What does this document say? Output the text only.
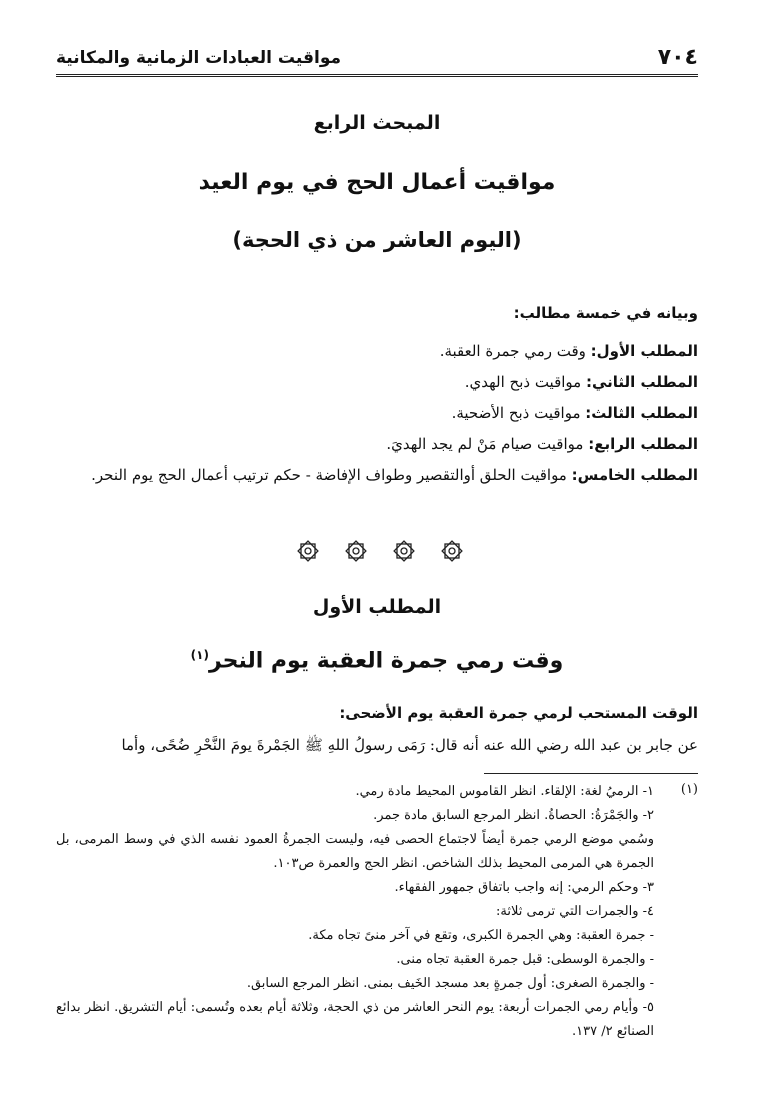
٧٠٤
مواقيت العبادات الزمانية والمكانية
المبحث الرابع
مواقيت أعمال الحج في يوم العيد
(اليوم العاشر من ذي الحجة)
وبيانه في خمسة مطالب:
المطلب الأول: وقت رمي جمرة العقبة.
المطلب الثاني: مواقيت ذبح الهدي.
المطلب الثالث: مواقيت ذبح الأضحية.
المطلب الرابع: مواقيت صيام مَنْ لم يجد الهديَ.
المطلب الخامس: مواقيت الحلق أوالتقصير وطواف الإفاضة - حكم ترتيب أعمال الحج يوم النحر.
المطلب الأول
وقت رمي جمرة العقبة يوم النحر$^{(١)}$
الوقت المستحب لرمي جمرة العقبة يوم الأضحى:
عن جابر بن عبد الله رضي الله عنه أنه قال: رَمَى رسولُ اللهِ ﷺ الجَمْرةَ يومَ النَّحْرِ ضُحًى، وأما
(١)
١- الرميُ لغة: الإلقاء. انظر القاموس المحيط مادة رمي.
٢- والجَمْرَةُ: الحصاةُ. انظر المرجع السابق مادة جمر.
وسُمي موضع الرمي جمرة أيضاً لاجتماع الحصى فيه، وليست الجمرةُ العمود نفسه الذي في وسط المرمى، بل الجمرة هي المرمى المحيط بذلك الشاخص. انظر الحج والعمرة ص١٠٣.
٣- وحكم الرمي: إنه واجب باتفاق جمهور الفقهاء.
٤- والجمرات التي ترمى ثلاثة:
- جمرة العقبة: وهي الجمرة الكبرى، وتقع في آخر منىً تجاه مكة.
- والجمرة الوسطى: قبل جمرة العقبة تجاه منى.
- والجمرة الصغرى: أول جمرةٍ بعد مسجد الخَيف بمنى. انظر المرجع السابق.
٥- وأيام رمي الجمرات أربعة: يوم النحر العاشر من ذي الحجة، وثلاثة أيام بعده وتُسمى: أيام التشريق. انظر بدائع الصنائع ٢/ ١٣٧.
